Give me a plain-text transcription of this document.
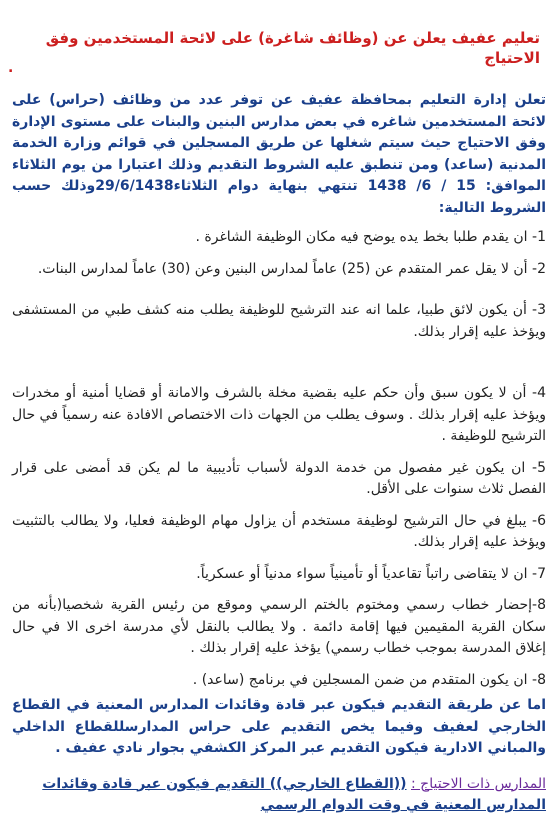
تعليم عفيف يعلن عن (وظائف شاغرة) على لائحة المستخدمين وفق الاحتياج
.

تعلن إدارة التعليم بمحافظة عفيف عن توفر عدد من وظائف (حراس) على لائحة المستخدمين شاغره في بعض مدارس البنين والبنات على مستوى الإدارة وفق الاحتياج حيث سيتم شغلها عن طريق المسجلين في قوائم وزارة الخدمة المدنية (ساعد) ومن تنطبق عليه الشروط التقديم وذلك اعتبارا من يوم الثلاثاء الموافق: 15 / 6/ 1438 تنتهي بنهاية دوام الثلاثاء29/6/1438وذلك حسب الشروط التالية:

1- ان يقدم طلبا بخط يده يوضح فيه مكان الوظيفة الشاغرة .
2- أن لا يقل عمر المتقدم عن (25) عاماً لمدارس البنين وعن (30) عاماً لمدارس البنات.
3- أن يكون لائق طبيا، علما انه عند الترشيح للوظيفة يطلب منه كشف طبي من المستشفى ويؤخذ عليه إقرار بذلك.
4- أن لا يكون سبق وأن حكم عليه بقضية مخلة بالشرف والامانة أو قضايا أمنية أو مخدرات ويؤخذ عليه إقرار بذلك . وسوف يطلب من الجهات ذات الاختصاص الافادة عنه رسمياً في حال الترشيح للوظيفة .
5- ان يكون غير مفصول من خدمة الدولة لأسباب تأديبية ما لم يكن قد أمضى على قرار الفصل ثلاث سنوات على الأقل.
6- يبلغ في حال الترشيح لوظيفة مستخدم أن يزاول مهام الوظيفة فعليا، ولا يطالب بالتثبيت ويؤخذ عليه إقرار بذلك.
7- ان لا يتقاضى راتباً تقاعدياً أو تأمينياً سواء مدنياً أو عسكرياً.
8-إحضار خطاب رسمي ومختوم بالختم الرسمي وموقع من رئيس القرية شخصيا(بأنه من سكان القرية المقيمين فيها إقامة دائمة . ولا يطالب بالنقل لأي مدرسة اخرى الا في حال إغلاق المدرسة بموجب خطاب رسمي) يؤخذ عليه إقرار بذلك .
8- ان يكون المتقدم من ضمن المسجلين في برنامج (ساعد) .

اما عن طريقة التقديم فيكون عبر قادة وقائدات المدارس المعنية في القطاع الخارجي لعفيف وفيما يخص التقديم على حراس المدارسللقطاع الداخلي والمباني الادارية فيكون التقديم عبر المركز الكشفي بجوار نادي عفيف .

المدارس ذات الاحتياج : ((القطاع الخارجي)) التقديم فيكون عبر قادة وقائدات المدارس المعنية في وقت الدوام الرسمي
